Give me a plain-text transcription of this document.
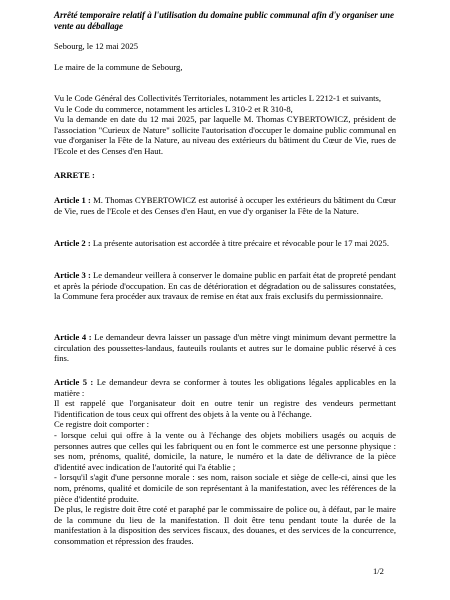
Arrêté temporaire relatif à l'utilisation du domaine public communal afin d'y organiser une vente au déballage
Sebourg, le 12 mai 2025
Le maire de la commune de Sebourg,

Vu le Code Général des Collectivités Territoriales, notamment les articles L 2212-1 et suivants,

Vu le Code du commerce, notamment les articles L 310-2 et R 310-8,

Vu la demande en date du 12 mai 2025, par laquelle M. Thomas CYBERTOWICZ, président de l'association "Curieux de Nature" sollicite l'autorisation d'occuper le domaine public communal en vue d'organiser la Fête de la Nature, au niveau des extérieurs du bâtiment du Cœur de Vie, rues de l'Ecole et des Censes d'en Haut.

ARRETE :
Article 1 : M. Thomas CYBERTOWICZ est autorisé à occuper les extérieurs du bâtiment du Cœur de Vie, rues de l'Ecole et des Censes d'en Haut, en vue d'y organiser la Fête de la Nature.
Article 2 : La présente autorisation est accordée à titre précaire et révocable pour le 17 mai 2025.
Article 3 : Le demandeur veillera à conserver le domaine public en parfait état de propreté pendant et après la période d'occupation. En cas de détérioration et dégradation ou de salissures constatées, la Commune fera procéder aux travaux de remise en état aux frais exclusifs du permissionnaire.
Article 4 : Le demandeur devra laisser un passage d'un mètre vingt minimum devant permettre la circulation des poussettes-landaus, fauteuils roulants et autres sur le domaine public réservé à ces fins.

Article 5 : Le demandeur devra se conformer à toutes les obligations légales applicables en la matière :

Il est rappelé que l'organisateur doit en outre tenir un registre des vendeurs permettant l'identification de tous ceux qui offrent des objets à la vente ou à l'échange.

Ce registre doit comporter :

- lorsque celui qui offre à la vente ou à l'échange des objets mobiliers usagés ou acquis de personnes autres que celles qui les fabriquent ou en font le commerce est une personne physique : ses nom, prénoms, qualité, domicile, la nature, le numéro et la date de délivrance de la pièce d'identité avec indication de l'autorité qui l'a établie ;

- lorsqu'il s'agit d'une personne morale : ses nom, raison sociale et siège de celle-ci, ainsi que les nom, prénoms, qualité et domicile de son représentant à la manifestation, avec les références de la pièce d'identité produite.

De plus, le registre doit être coté et paraphé par le commissaire de police ou, à défaut, par le maire de la commune du lieu de la manifestation. Il doit être tenu pendant toute la durée de la manifestation à la disposition des services fiscaux, des douanes, et des services de la concurrence, consommation et répression des fraudes.

1/2
